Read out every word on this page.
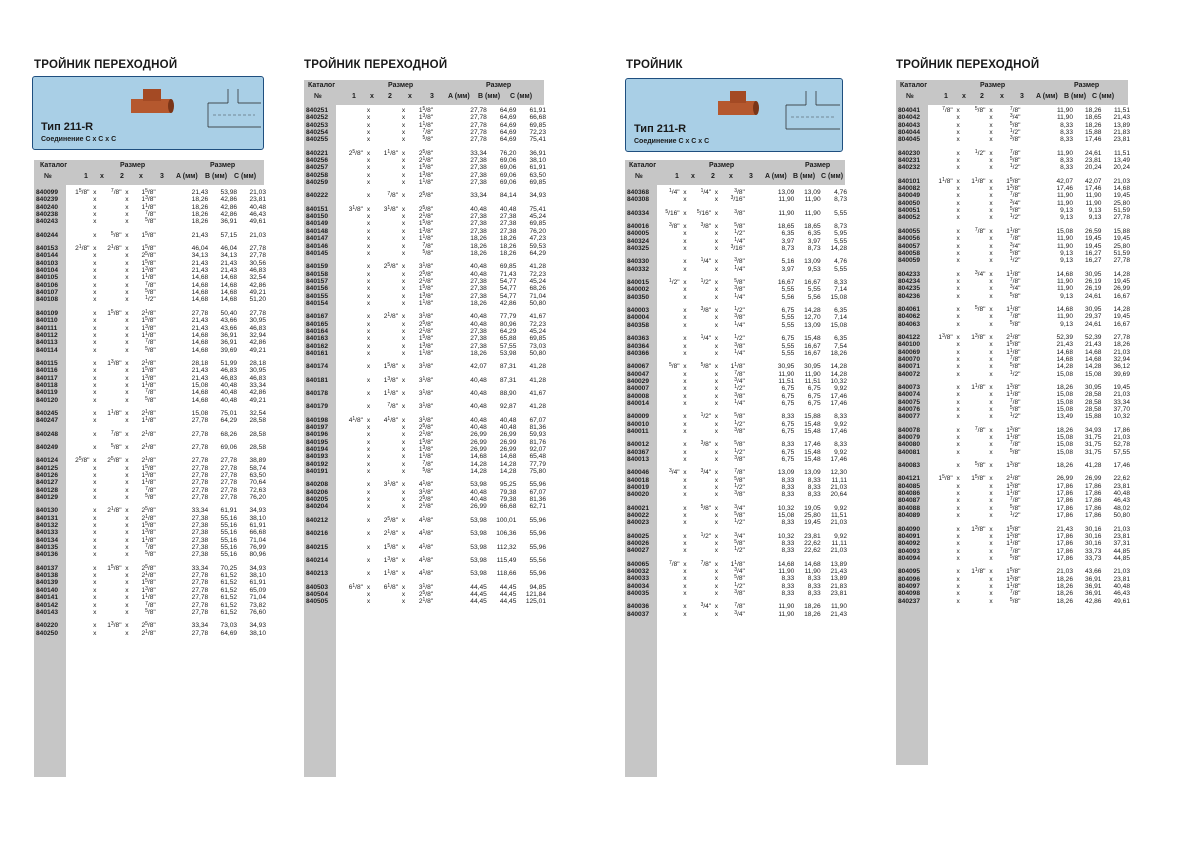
ТРОЙНИК ПЕРЕХОДНОЙ
Тип 211-R
Соединение C x C x C
Каталог
№
Размер	Размер
1 x 2 x 3 A (мм) B (мм) C (мм)
ТРОЙНИК ПЕРЕХОДНОЙ
Каталог
№
Размер	Размер
1 x 2 x	3 A (мм) B (мм) C (мм)
ТРОЙНИК
Тип 211-R
Соединение C x C x C
Каталог
№
Размер	Размер
1 x 2 x 3 A (мм) B (мм) C (мм)
ТРОЙНИК ПЕРЕХОДНОЙ
Каталог
№
Размер	Размер
1 x 2 x 3 A (мм) B (мм) C (мм)
840099	$1^5/8$"	x	$^7$/8"	x	$1^5/8$"		21,43	53,98	21,03
840239		x		x	$1^3/8$"		18,26	42,86	23,81
840240		x		x	$1^1/8$"		18,26	42,86	40,48
840238		x		x	$^7$/8"		18,26	42,86	46,43
840243		x		x	$^5$/8"		18,26	36,91	49,61

840244		x	$^5$/8"	x	$1^5/8$"		21,43	57,15	21,03

840153	$2^1/8$"	x	$2^1/8$"	x	$1^5/8$"		46,04	46,04	27,78
840144		x		x	$2^5/8$"		34,13	34,13	27,78
840103		x		x	$1^5/8$"		21,43	21,43	30,56
840104		x		x	$1^3/8$"		21,43	21,43	46,83
840105		x		x	$1^1/8$"		14,68	14,68	32,54
840106		x		x	$^7$/8"		14,68	14,68	42,86
840107		x		x	$^5$/8"		14,68	14,68	49,21
840108		x		x	$^1$/2"		14,68	14,68	51,20

840109		x	$1^5/8$"	x	$2^1/8$"		27,78	50,40	27,78
840110		x		x	$1^5/8$"		21,43	43,66	30,95
840111		x		x	$1^3/8$"		21,43	43,66	46,83
840112		x		x	$1^1/8$"		14,68	36,91	32,94
840113		x		x	$^7$/8"		14,68	36,91	42,86
840114		x		x	$^5$/8"		14,68	39,69	49,21

840115		x	$1^3/8$"	x	$2^1/8$"		28,18	51,99	28,18
840116		x		x	$1^5/8$"		21,43	46,83	30,95
840117		x		x	$1^3/8$"		21,43	46,83	46,83
840118		x		x	$1^1/8$"		15,08	40,48	33,34
840119		x		x	$^7$/8"		14,68	40,48	42,86
840120		x		x	$^5$/8"		14,68	40,48	49,21

840245		x	$1^1/8$"	x	$2^1/8$"		15,08	75,01	32,54
840247		x		x	$1^1/8$"		27,78	64,29	28,58

840248		x	$^7$/8"	x	$2^1/8$"		27,78	68,26	28,58

840249		x	$^5$/8"	x	$2^1/8$"		27,78	69,06	28,58

840124	$2^5/8$"	x	$2^5/8$"	x	$2^1/8$"		27,78	27,78	38,89
840125		x		x	$1^5/8$"		27,78	27,78	58,74
840126		x		x	$1^3/8$"		27,78	27,78	63,50
840127		x		x	$1^1/8$"		27,78	27,78	70,64
840128		x		x	$^7$/8"		27,78	27,78	72,63
840129		x		x	$^5$/8"		27,78	27,78	76,20

840130		x	$2^1/8$"	x	$2^5/8$"		33,34	61,91	34,93
840131		x		x	$2^1/8$"		27,38	55,16	38,10
840132		x		x	$1^5/8$"		27,38	55,16	61,91
840133		x		x	$1^3/8$"		27,38	55,16	66,68
840134		x		x	$1^1/8$"		27,38	55,16	71,04
840135		x		x	$^7$/8"		27,38	55,16	76,99
840136		x		x	$^5$/8"		27,38	55,16	80,96

840137		x	$1^5/8$"	x	$2^5/8$"		33,34	70,25	34,93
840138		x		x	$2^1/8$"		27,78	61,52	38,10
840139		x		x	$1^5/8$"		27,78	61,52	61,91
840140		x		x	$1^3/8$"		27,78	61,52	65,09
840141		x		x	$1^1/8$"		27,78	61,52	71,04
840142		x		x	$^7$/8"		27,78	61,52	73,82
840143		x		x	$^5$/8"		27,78	61,52	76,60

840220		x	$1^3/8$"	x	$2^5/8$"		33,34	73,03	34,93
840250		x		x	$2^1/8$"		27,78	64,69	38,10
840251		x		x	$1^5/8$"		27,78	64,69	61,91
840252		x		x	$1^3/8$"		27,78	64,69	66,68
840253		x		x	$1^1/8$"		27,78	64,69	69,85
840254		x		x	$^7$/8"		27,78	64,69	72,23
840255		x		x	$^5$/8"		27,78	64,69	75,41

840221	$2^5/8$"	x	$1^1/8$"	x	$2^5/8$"		33,34	76,20	36,91
840256		x		x	$2^1/8$"		27,38	69,06	38,10
840257		x		x	$1^5/8$"		27,38	69,06	61,91
840258		x		x	$1^3/8$"		27,38	69,06	63,50
840259		x		x	$1^1/8$"		27,38	69,06	69,85

840222		x	$^7$/8"	x	$2^5/8$"		33,34	84,14	34,93

840151	$3^1/8$"	x	$3^1/8$"	x	$2^5/8$"		40,48	40,48	75,41
840150		x		x	$2^1/8$"		27,38	27,38	45,24
840149		x		x	$1^5/8$"		27,38	27,38	69,85
840148		x		x	$1^3/8$"		27,38	27,38	76,20
840147		x		x	$1^1/8$"		18,26	18,26	47,23
840146		x		x	$^7$/8"		18,26	18,26	59,53
840145		x		x	$^5$/8"		18,26	18,26	64,29

840159		x	$2^5/8$"	x	$3^1/8$"		40,48	69,85	41,28
840158		x		x	$2^5/8$"		40,48	71,43	72,23
840157		x		x	$2^1/8$"		27,38	54,77	45,24
840156		x		x	$1^5/8$"		27,38	54,77	68,26
840155		x		x	$1^3/8$"		27,38	54,77	71,04
840154		x		x	$1^1/8$"		18,26	42,86	50,80

840167		x	$2^1/8$"	x	$3^1/8$"		40,48	77,79	41,67
840165		x		x	$2^5/8$"		40,48	80,96	72,23
840164		x		x	$2^1/8$"		27,38	64,29	45,24
840163		x		x	$1^5/8$"		27,38	65,88	69,85
840162		x		x	$1^3/8$"		27,38	57,55	73,03
840161		x		x	$1^1/8$"		18,26	53,98	50,80

840174		x	$1^5/8$"	x	$3^1/8$"		42,07	87,31	41,28

840181		x	$1^3/8$"	x	$3^1/8$"		40,48	87,31	41,28

840178		x	$1^1/8$"	x	$3^1/8$"		40,48	88,90	41,67

840179		x	$^7$/8"	x	$3^1/8$"		40,48	92,87	41,28

840198	$4^1/8$"	x	$4^1/8$"	x	$3^1/8$"		40,48	40,48	67,07
840197		x		x	$2^5/8$"		40,48	40,48	81,36
840196		x		x	$2^1/8$"		26,99	26,99	59,93
840195		x		x	$1^5/8$"		26,99	26,99	81,76
840194		x		x	$1^3/8$"		26,99	26,99	92,07
840193		x		x	$1^1/8$"		14,68	14,68	65,48
840192		x		x	$^7$/8"		14,28	14,28	77,79
840191		x		x	$^5$/8"		14,28	14,28	75,80

840208		x	$3^1/8$"	x	$4^1/8$"		53,98	95,25	55,96
840206		x		x	$3^1/8$"		40,48	79,38	67,07
840205		x		x	$2^5/8$"		40,48	79,38	81,36
840204		x		x	$2^1/8$"		26,99	66,68	62,71

840212		x	$2^5/8$"	x	$4^1/8$"		53,98	100,01	55,96

840216		x	$2^1/8$"	x	$4^1/8$"		53,98	106,36	55,96

840215		x	$1^5/8$"	x	$4^1/8$"		53,98	112,32	55,96

840214		x	$1^3/8$"	x	$4^1/8$"		53,98	115,49	55,56

840213		x	$1^1/8$"	x	$4^1/8$"		53,98	118,66	55,96

840503	$6^1/8$"	x	$6^1/8$"	x	$3^1/8$"		44,45	44,45	94,85
840504		x		x	$2^5/8$"		44,45	44,45	121,84
840505		x		x	$2^1/8$"		44,45	44,45	125,01
840368	$^1$/4"	x	$^1$/4"	x	$^3$/8"		13,09	13,09	4,76
840308		x		x	$^3$/16"		11,90	11,90	8,73

840334	$^5$/16"	x	$^5$/16"	x	$^3$/8"		11,90	11,90	5,55

840016	$^3$/8"	x	$^3$/8"	x	$^5$/8"		18,65	18,65	8,73
840005		x		x	$^1$/2"		6,35	6,35	5,95
840324		x		x	$^1$/4"		3,97	3,97	5,55
840325		x		x	$^3$/16"		8,73	8,73	14,28

840330		x	$^1$/4"	x	$^3$/8"		5,16	13,09	4,76
840332		x		x	$^1$/4"		3,97	9,53	5,55

840015	$^1$/2"	x	$^1$/2"	x	$^5$/8"		16,67	16,67	8,33
840002		x		x	$^3$/8"		5,55	5,55	7,14
840350		x		x	$^1$/4"		5,56	5,56	15,08

840003		x	$^3$/8"	x	$^1$/2"		6,75	14,28	6,35
840004		x		x	$^3$/8"		5,55	12,70	7,14
840358		x		x	$^1$/4"		5,55	13,09	15,08

840363		x	$^1$/4"	x	$^1$/2"		6,75	15,48	6,35
840364		x		x	$^3$/8"		5,55	16,67	7,54
840366		x		x	$^1$/4"		5,55	16,67	18,26

840067	$^5$/8"	x	$^5$/8"	x	$1^1/8$"		30,95	30,95	14,28
840047		x		x	$^7$/8"		11,90	11,90	14,28
840029		x		x	$^3$/4"		11,51	11,51	10,32
840007		x		x	$^1$/2"		6,75	6,75	9,92
840008		x		x	$^3$/8"		6,75	6,75	17,46
840014		x		x	$^1$/4"		6,75	6,75	17,46

840009		x	$^1$/2"	x	$^5$/8"		8,33	15,88	8,33
840010		x		x	$^1$/2"		6,75	15,48	9,92
840011		x		x	$^3$/8"		6,75	15,48	17,46

840012		x	$^3$/8"	x	$^5$/8"		8,33	17,46	8,33
840367		x		x	$^1$/2"		6,75	15,48	9,92
840013		x		x	$^3$/8"		6,75	15,48	17,46

840046	$^3$/4"	x	$^3$/4"	x	$^7$/8"		13,09	13,09	12,30
840018		x		x	$^5$/8"		8,33	8,33	11,11
840019		x		x	$^1$/2"		8,33	8,33	21,03
840020		x		x	$^3$/8"		8,33	8,33	20,64

840021		x	$^5$/8"	x	$^3$/4"		10,32	19,05	9,92
840022		x		x	$^5$/8"		15,08	25,80	11,51
840023		x		x	$^1$/2"		8,33	19,45	21,03

840025		x	$^1$/2"	x	$^3$/4"		10,32	23,81	9,92
840026		x		x	$^5$/8"		8,33	22,62	11,11
840027		x		x	$^1$/2"		8,33	22,62	21,03

840065	$^7$/8"	x	$^7$/8"	x	$1^1/8$"		14,68	14,68	13,89
840032		x		x	$^3$/4"		11,90	11,90	21,43
840033		x		x	$^5$/8"		8,33	8,33	13,89
840034		x		x	$^1$/2"		8,33	8,33	21,83
840035		x		x	$^3$/8"		8,33	8,33	23,81

840036		x	$^3$/4"	x	$^7$/8"		11,90	18,26	11,90
840037		x		x	$^3$/4"		11,90	18,26	21,43
804041	$^7$/8"	x	$^5$/8"	x	$^7$/8"		11,90	18,26	11,51
804042		x		x	$^3$/4"		11,90	18,65	21,43
804043		x		x	$^5$/8"		8,33	18,26	13,89
804044		x		x	$^1$/2"		8,33	15,88	21,83
804045		x		x	$^3$/8"		8,33	17,46	23,81

840230		x	$^1$/2"	x	$^7$/8"		11,90	24,61	11,51
840231		x		x	$^5$/8"		8,33	23,81	13,49
840232		x		x	$^1$/2"		8,33	20,24	20,24

840101	$1^1/8$"	x	$1^1/8$"	x	$1^5/8$"		42,07	42,07	21,03
840082		x		x	$1^3/8$"		17,46	17,46	14,68
840049		x		x	$^7$/8"		11,90	11,90	19,45
840050		x		x	$^3$/4"		11,90	11,90	25,80
840051		x		x	$^5$/8"		9,13	9,13	51,59
840052		x		x	$^1$/2"		9,13	9,13	27,78

840055		x	$^7$/8"	x	$1^1/8$"		15,08	26,59	15,88
840056		x		x	$^7$/8"		11,90	19,45	19,45
840057		x		x	$^3$/4"		11,90	19,45	25,80
840058		x		x	$^5$/8"		9,13	16,27	51,59
840059		x		x	$^1$/2"		9,13	16,27	27,78

804233		x	$^3$/4"	x	$1^1/8$"		14,68	30,95	14,28
804234		x		x	$^7$/8"		11,90	26,19	19,45
804235		x		x	$^3$/4"		11,90	26,19	26,99
804236		x		x	$^5$/8"		9,13	24,61	16,67

804061		x	$^5$/8"	x	$1^1/8$"		14,68	30,95	14,28
804062		x		x	$^7$/8"		11,90	29,37	19,45
804063		x		x	$^5$/8"		9,13	24,61	16,67

804122	$1^3/8$"	x	$1^3/8$"	x	$2^1/8$"		52,39	52,39	27,78
840100		x		x	$1^5/8$"		21,43	21,43	18,26
840069		x		x	$1^1/8$"		14,68	14,68	21,03
840070		x		x	$^7$/8"		14,68	14,68	32,94
840071		x		x	$^5$/8"		14,28	14,28	36,12
840072		x		x	$^1$/2"		15,08	15,08	39,69

840073		x	$1^1/8$"	x	$1^3/8$"		18,26	30,95	19,45
840074		x		x	$1^1/8$"		15,08	28,58	21,03
840075		x		x	$^7$/8"		15,08	28,58	33,34
840076		x		x	$^5$/8"		15,08	28,58	37,70
840077		x		x	$^1$/2"		13,49	15,88	10,32

840078		x	$^7$/8"	x	$1^3/8$"		18,26	34,93	17,86
840079		x		x	$1^1/8$"		15,08	31,75	21,03
840080		x		x	$^7$/8"		15,08	31,75	52,78
840081		x		x	$^5$/8"		15,08	31,75	57,55

840083		x	$^5$/8"	x	$1^3/8$"		18,26	41,28	17,46

804121	$1^5/8$"	x	$1^5/8$"	x	$2^1/8$"		26,99	26,99	22,62
804085		x		x	$1^3/8$"		17,86	17,86	23,81
804086		x		x	$1^1/8$"		17,86	17,86	40,48
804087		x		x	$^7$/8"		17,86	17,86	46,43
804088		x		x	$^5$/8"		17,86	17,86	48,02
804089		x		x	$^1$/2"		17,86	17,86	50,80

804090		x	$1^3/8$"	x	$1^5/8$"		21,43	30,16	21,03
804091		x		x	$1^3/8$"		17,86	30,16	23,81
804092		x		x	$1^1/8$"		17,86	30,16	37,31
804093		x		x	$^7$/8"		17,86	33,73	44,85
804094		x		x	$^5$/8"		17,86	33,73	44,85

804095		x	$1^1/8$"	x	$1^5/8$"		21,03	43,66	21,03
804096		x		x	$1^3/8$"		18,26	36,91	23,81
804097		x		x	$1^1/8$"		18,26	36,91	40,48
804098		x		x	$^7$/8"		18,26	36,91	46,43
840237		x		x	$^5$/8"		18,26	42,86	49,61
